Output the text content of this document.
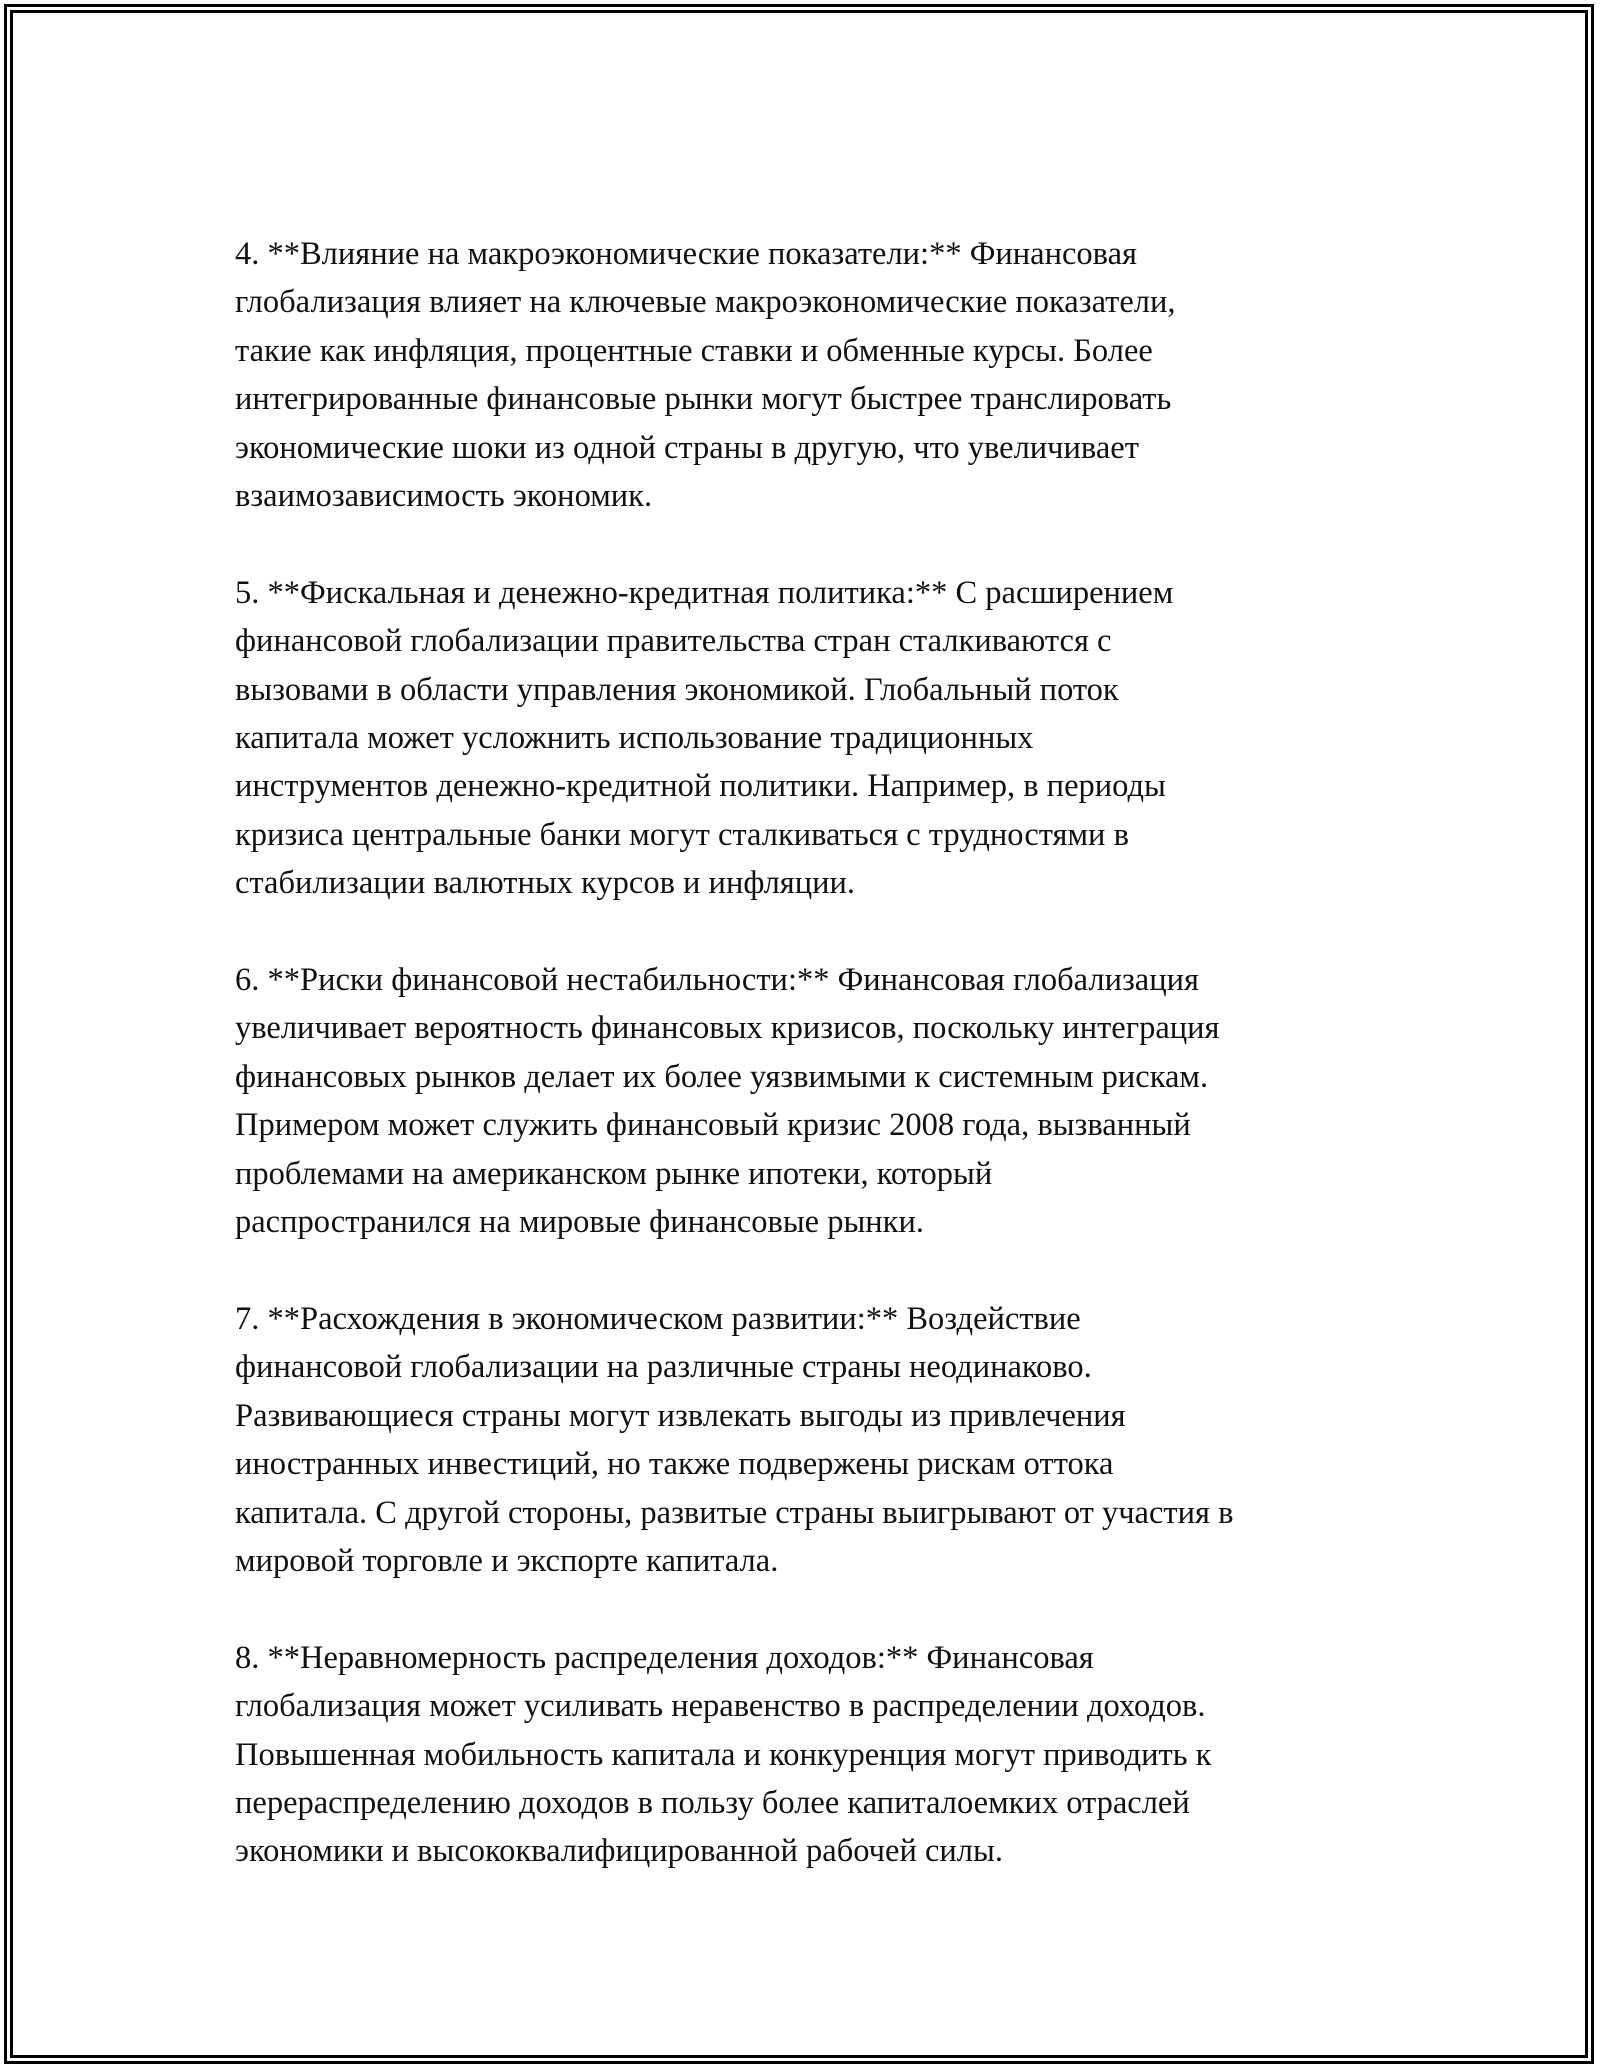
4. **Влияние на макроэкономические показатели:** Финансовая
глобализация влияет на ключевые макроэкономические показатели,
такие как инфляция, процентные ставки и обменные курсы. Более
интегрированные финансовые рынки могут быстрее транслировать
экономические шоки из одной страны в другую, что увеличивает
взаимозависимость экономик.

5. **Фискальная и денежно-кредитная политика:** С расширением
финансовой глобализации правительства стран сталкиваются с
вызовами в области управления экономикой. Глобальный поток
капитала может усложнить использование традиционных
инструментов денежно-кредитной политики. Например, в периоды
кризиса центральные банки могут сталкиваться с трудностями в
стабилизации валютных курсов и инфляции.

6. **Риски финансовой нестабильности:** Финансовая глобализация
увеличивает вероятность финансовых кризисов, поскольку интеграция
финансовых рынков делает их более уязвимыми к системным рискам.
Примером может служить финансовый кризис 2008 года, вызванный
проблемами на американском рынке ипотеки, который
распространился на мировые финансовые рынки.

7. **Расхождения в экономическом развитии:** Воздействие
финансовой глобализации на различные страны неодинаково.
Развивающиеся страны могут извлекать выгоды из привлечения
иностранных инвестиций, но также подвержены рискам оттока
капитала. С другой стороны, развитые страны выигрывают от участия в
мировой торговле и экспорте капитала.

8. **Неравномерность распределения доходов:** Финансовая
глобализация может усиливать неравенство в распределении доходов.
Повышенная мобильность капитала и конкуренция могут приводить к
перераспределению доходов в пользу более капиталоемких отраслей
экономики и высококвалифицированной рабочей силы.
